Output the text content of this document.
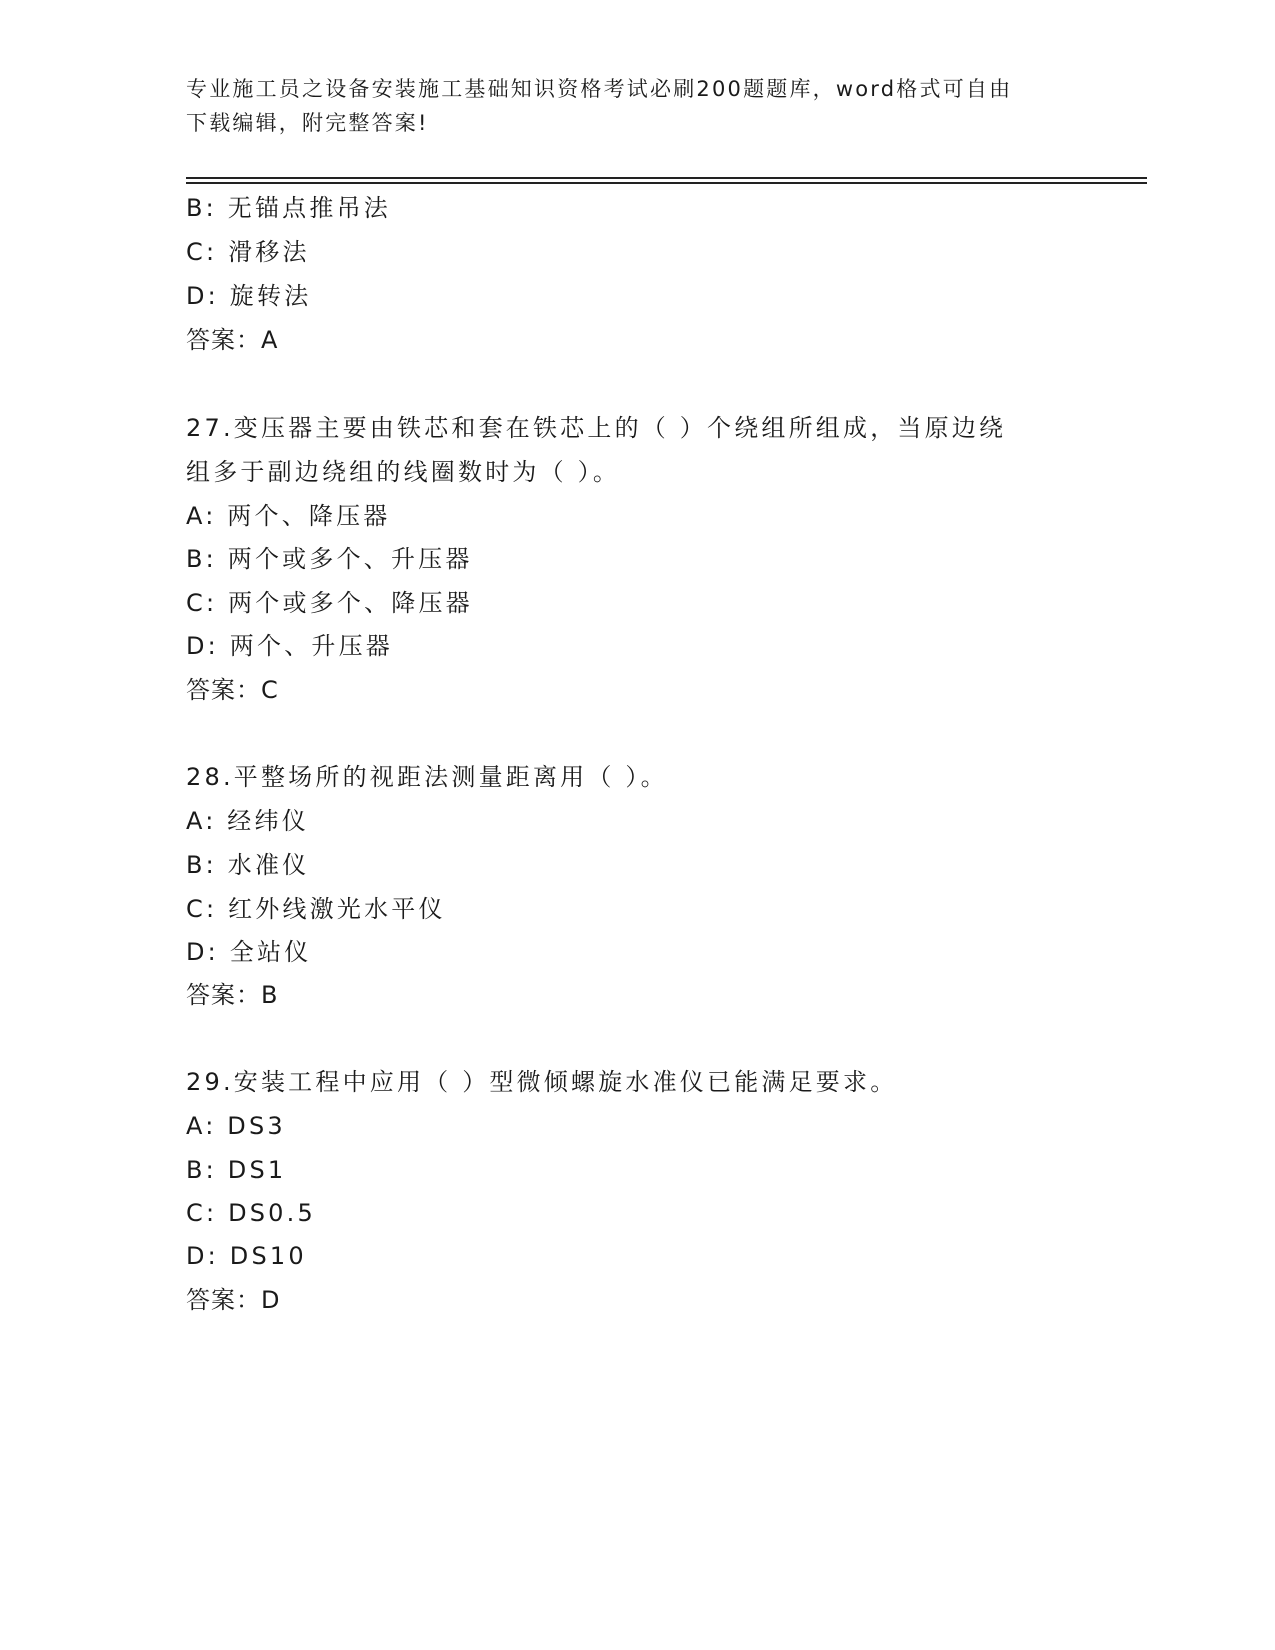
专业施工员之设备安装施工基础知识资格考试必刷200题题库，word格式可自由
下载编辑，附完整答案!

B: 无锚点推吊法

C: 滑移法

D: 旋转法

答案：A

27.变压器主要由铁芯和套在铁芯上的（ ）个绕组所组成，当原边绕

组多于副边绕组的线圈数时为（ ）。

A: 两个、降压器

B: 两个或多个、升压器

C: 两个或多个、降压器

D: 两个、升压器

答案：C

28.平整场所的视距法测量距离用（ ）。

A: 经纬仪

B: 水准仪

C: 红外线激光水平仪

D: 全站仪

答案：B

29.安装工程中应用（ ）型微倾螺旋水准仪已能满足要求。

A: DS3

B: DS1

C: DS0.5

D: DS10

答案：D
